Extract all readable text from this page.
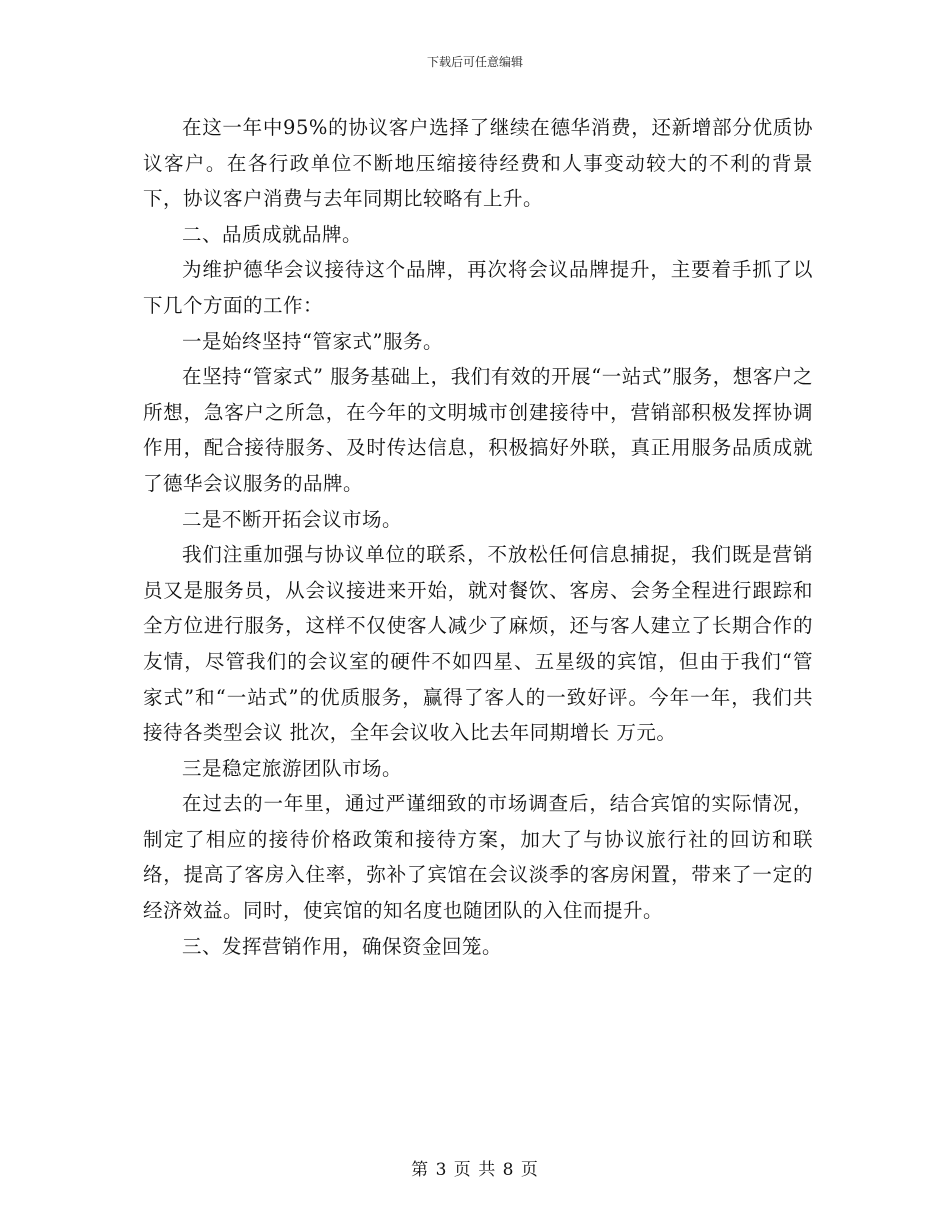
下载后可任意编辑

在这一年中95%的协议客户选择了继续在德华消费，还新增部分优质协议客户。在各行政单位不断地压缩接待经费和人事变动较大的不利的背景下，协议客户消费与去年同期比较略有上升。

二、品质成就品牌。

为维护德华会议接待这个品牌，再次将会议品牌提升，主要着手抓了以下几个方面的工作：

一是始终坚持“管家式”服务。

在坚持“管家式” 服务基础上，我们有效的开展“一站式”服务，想客户之所想，急客户之所急，在今年的文明城市创建接待中，营销部积极发挥协调作用，配合接待服务、及时传达信息，积极搞好外联，真正用服务品质成就了德华会议服务的品牌。

二是不断开拓会议市场。

我们注重加强与协议单位的联系，不放松任何信息捕捉，我们既是营销员又是服务员，从会议接进来开始，就对餐饮、客房、会务全程进行跟踪和全方位进行服务，这样不仅使客人减少了麻烦，还与客人建立了长期合作的友情，尽管我们的会议室的硬件不如四星、五星级的宾馆，但由于我们“管家式”和“一站式”的优质服务，赢得了客人的一致好评。今年一年，我们共接待各类型会议 批次，全年会议收入比去年同期增长 万元。

三是稳定旅游团队市场。

在过去的一年里，通过严谨细致的市场调查后，结合宾馆的实际情况，制定了相应的接待价格政策和接待方案，加大了与协议旅行社的回访和联络，提高了客房入住率，弥补了宾馆在会议淡季的客房闲置，带来了一定的经济效益。同时，使宾馆的知名度也随团队的入住而提升。

三、发挥营销作用，确保资金回笼。

第 3 页 共 8 页
